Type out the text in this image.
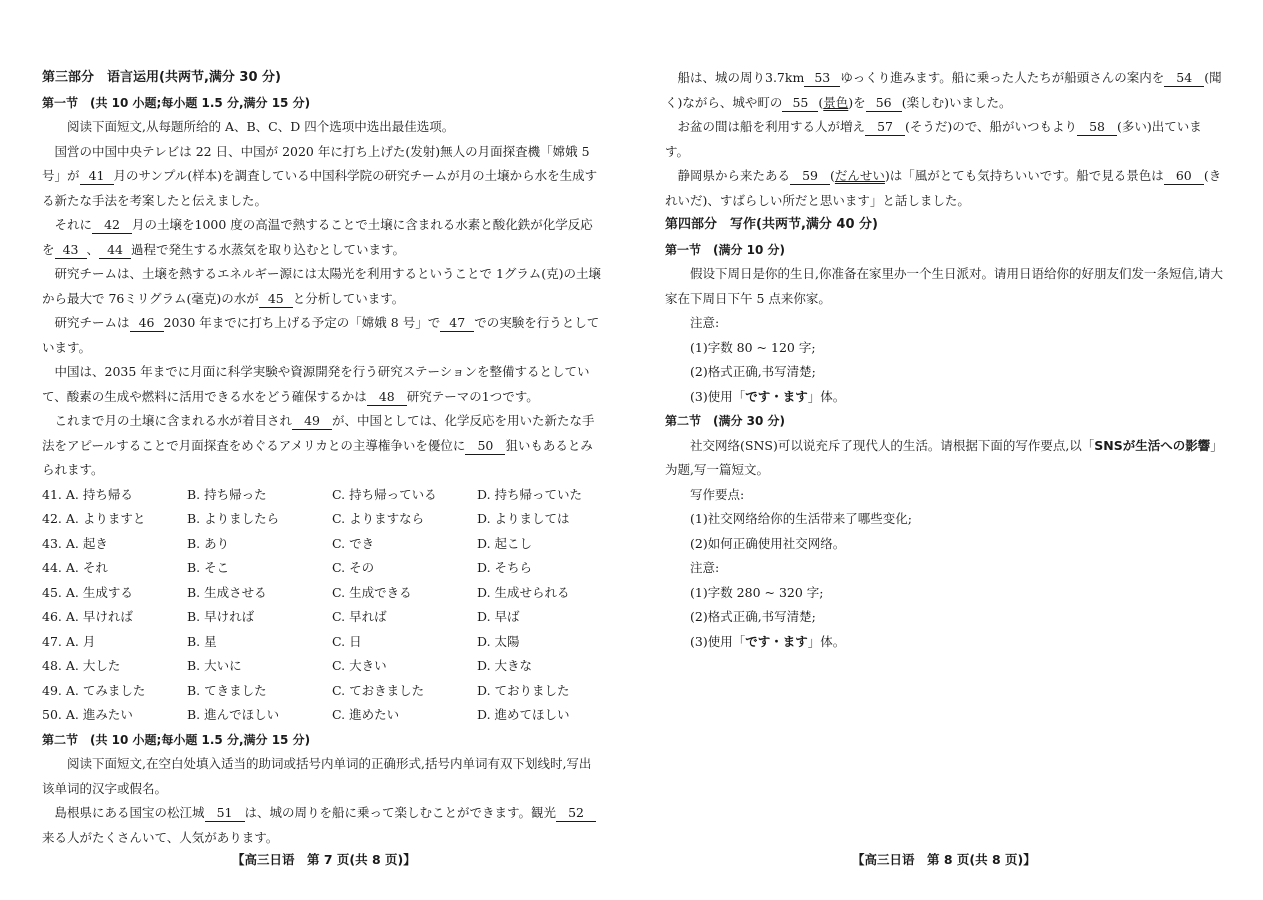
第三部分　语言运用(共两节,满分 30 分)

第一节　(共 10 小题;每小题 1.5 分,满分 15 分)

阅读下面短文,从每题所给的 A、B、C、D 四个选项中选出最佳选项。

国営の中国中央テレビは 22 日、中国が 2020 年に打ち上げた(发射)無人の月面探査機「嫦娥 5 号」が 41 月のサンプル(样本)を調査している中国科学院の研究チームが月の土壌から水を生成する新たな手法を考案したと伝えました。

それに 42 月の土壌を1000 度の高温で熱することで土壌に含まれる水素と酸化鉄が化学反応を 43 、 44 過程で発生する水蒸気を取り込むとしています。

研究チームは、土壌を熱するエネルギー源には太陽光を利用するということで 1グラム(克)の土壌から最大で 76ミリグラム(毫克)の水が 45 と分析しています。

研究チームは 46 2030 年までに打ち上げる予定の「嫦娥 8 号」で 47 での実験を行うとしています。

中国は、2035 年までに月面に科学実験や資源開発を行う研究ステーションを整備するとしていて、酸素の生成や燃料に活用できる水をどう確保するかは 48 研究テーマの1つです。

これまで月の土壌に含まれる水が着目され 49 が、中国としては、化学反応を用いた新たな手法をアピールすることで月面探査をめぐるアメリカとの主導権争いを優位に 50 狙いもあるとみられます。

41. A. 持ち帰る	B. 持ち帰った	C. 持ち帰っている	D. 持ち帰っていた
42. A. よりますと	B. よりましたら	C. よりますなら	D. よりましては
43. A. 起き	B. あり	C. でき	D. 起こし
44. A. それ	B. そこ	C. その	D. そちら
45. A. 生成する	B. 生成させる	C. 生成できる	D. 生成せられる
46. A. 早ければ	B. 早ければ	C. 早れば	D. 早ば
47. A. 月	B. 星	C. 日	D. 太陽
48. A. 大した	B. 大いに	C. 大きい	D. 大きな
49. A. てみました	B. てきました	C. ておきました	D. ておりました
50. A. 進みたい	B. 進んでほしい	C. 進めたい	D. 進めてほしい

第二节　(共 10 小题;每小题 1.5 分,满分 15 分)

阅读下面短文,在空白处填入适当的助词或括号内单词的正确形式,括号内单词有双下划线时,写出该单词的汉字或假名。

島根県にある国宝の松江城 51 は、城の周りを船に乗って楽しむことができます。観光 52来る人がたくさんいて、人気があります。

船は、城の周り3.7km 53 ゆっくり進みます。船に乗った人たちが船頭さんの案内を 54 (聞く)ながら、城や町の 55 (景色)を 56 (楽しむ)いました。

お盆の間は船を利用する人が増え 57 (そうだ)ので、船がいつもより 58 (多い)出ています。

静岡県から来たある 59 (だんせい)は「風がとても気持ちいいです。船で見る景色は 60 (きれいだ)、すばらしい所だと思います」と話しました。

第四部分　写作(共两节,满分 40 分)

第一节　(满分 10 分)

假设下周日是你的生日,你准备在家里办一个生日派对。请用日语给你的好朋友们发一条短信,请大家在下周日下午 5 点来你家。

注意:

(1)字数 80 ~ 120 字;

(2)格式正确,书写清楚;

(3)使用「です・ます」体。

第二节　(满分 30 分)

社交网络(SNS)可以说充斥了现代人的生活。请根据下面的写作要点,以「SNSが生活への影響」为题,写一篇短文。

写作要点:

(1)社交网络给你的生活带来了哪些变化;

(2)如何正确使用社交网络。

注意:

(1)字数 280 ~ 320 字;

(2)格式正确,书写清楚;

(3)使用「です・ます」体。

【高三日语　第 7 页(共 8 页)】	【高三日语　第 8 页(共 8 页)】
